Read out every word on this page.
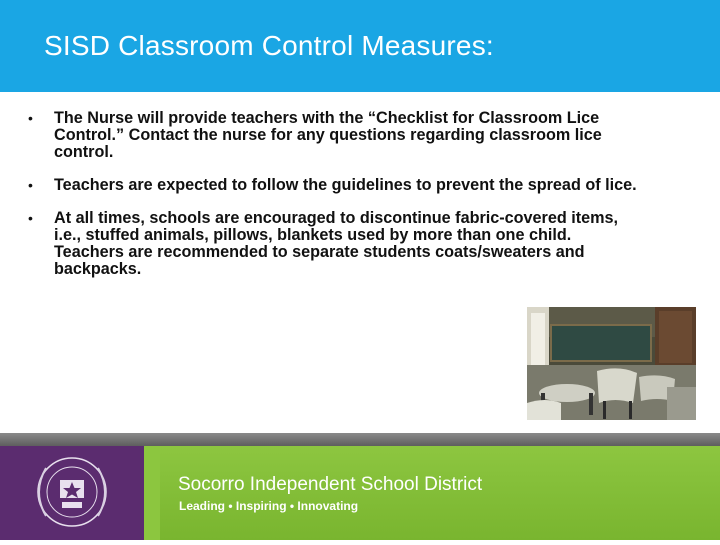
SISD Classroom Control Measures:
• The Nurse will provide teachers with the “Checklist for Classroom Lice Control.” Contact the nurse for any questions regarding classroom lice control.
• Teachers are expected to follow the guidelines to prevent the spread of lice.
• At all times, schools are encouraged to discontinue fabric-covered items, i.e., stuffed animals, pillows, blankets used by more than one child. Teachers are recommended to separate students coats/sweaters and backpacks.
Socorro Independent School District
Leading • Inspiring • Innovating
